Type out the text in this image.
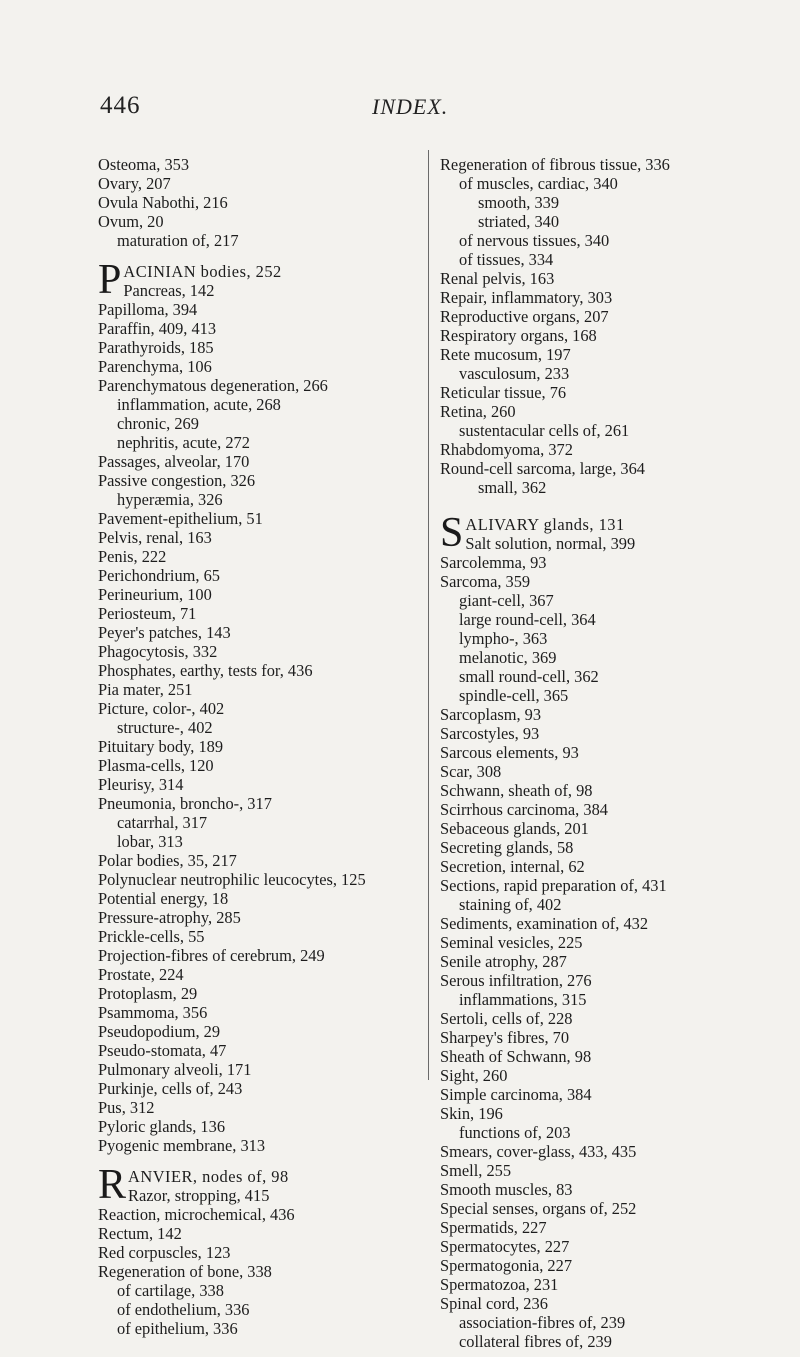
446	INDEX.
Osteoma, 353
Ovary, 207
Ovula Nabothi, 216
Ovum, 20
maturation of, 217
P ACINIAN bodies, 252
Pancreas, 142
Papilloma, 394
Paraffin, 409, 413
Parathyroids, 185
Parenchyma, 106
Parenchymatous degeneration, 266
inflammation, acute, 268
chronic, 269
nephritis, acute, 272
Passages, alveolar, 170
Passive congestion, 326
hyperæmia, 326
Pavement-epithelium, 51
Pelvis, renal, 163
Penis, 222
Perichondrium, 65
Perineurium, 100
Periosteum, 71
Peyer's patches, 143
Phagocytosis, 332
Phosphates, earthy, tests for, 436
Pia mater, 251
Picture, color-, 402
structure-, 402
Pituitary body, 189
Plasma-cells, 120
Pleurisy, 314
Pneumonia, broncho-, 317
catarrhal, 317
lobar, 313
Polar bodies, 35, 217
Polynuclear neutrophilic leucocytes, 125
Potential energy, 18
Pressure-atrophy, 285
Prickle-cells, 55
Projection-fibres of cerebrum, 249
Prostate, 224
Protoplasm, 29
Psammoma, 356
Pseudopodium, 29
Pseudo-stomata, 47
Pulmonary alveoli, 171
Purkinje, cells of, 243
Pus, 312
Pyloric glands, 136
Pyogenic membrane, 313
R ANVIER, nodes of, 98
Razor, stropping, 415
Reaction, microchemical, 436
Rectum, 142
Red corpuscles, 123
Regeneration of bone, 338
of cartilage, 338
of endothelium, 336
of epithelium, 336
Regeneration of fibrous tissue, 336
of muscles, cardiac, 340
smooth, 339
striated, 340
of nervous tissues, 340
of tissues, 334
Renal pelvis, 163
Repair, inflammatory, 303
Reproductive organs, 207
Respiratory organs, 168
Rete mucosum, 197
vasculosum, 233
Reticular tissue, 76
Retina, 260
sustentacular cells of, 261
Rhabdomyoma, 372
Round-cell sarcoma, large, 364
small, 362
S ALIVARY glands, 131
Salt solution, normal, 399
Sarcolemma, 93
Sarcoma, 359
giant-cell, 367
large round-cell, 364
lympho-, 363
melanotic, 369
small round-cell, 362
spindle-cell, 365
Sarcoplasm, 93
Sarcostyles, 93
Sarcous elements, 93
Scar, 308
Schwann, sheath of, 98
Scirrhous carcinoma, 384
Sebaceous glands, 201
Secreting glands, 58
Secretion, internal, 62
Sections, rapid preparation of, 431
staining of, 402
Sediments, examination of, 432
Seminal vesicles, 225
Senile atrophy, 287
Serous infiltration, 276
inflammations, 315
Sertoli, cells of, 228
Sharpey's fibres, 70
Sheath of Schwann, 98
Sight, 260
Simple carcinoma, 384
Skin, 196
functions of, 203
Smears, cover-glass, 433, 435
Smell, 255
Smooth muscles, 83
Special senses, organs of, 252
Spermatids, 227
Spermatocytes, 227
Spermatogonia, 227
Spermatozoa, 231
Spinal cord, 236
association-fibres of, 239
collateral fibres of, 239
